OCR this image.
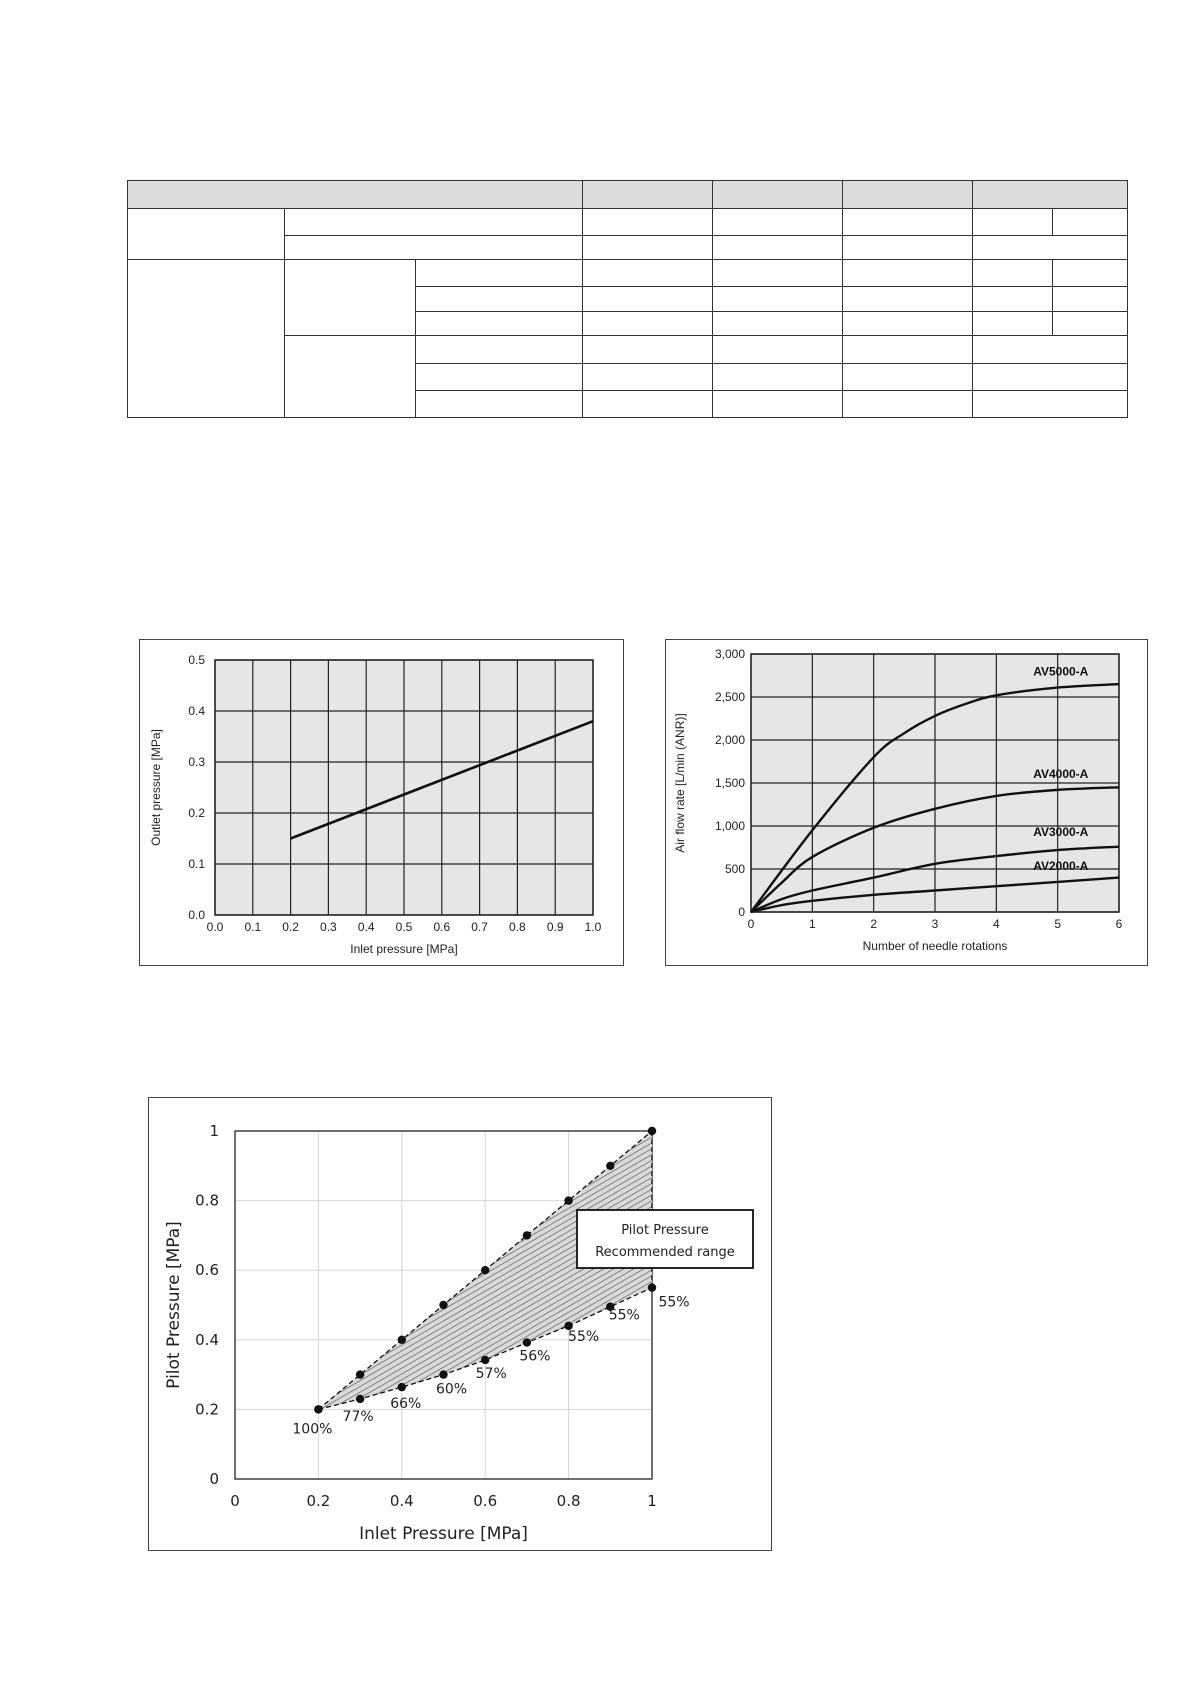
0.0 0.1 0.2 0.3 0.4 0.5 0.6 0.7 0.8 0.9 1.0
0.0
0.1
0.2
0.3
0.4
0.5
Inlet pressure [MPa]
Outlet pressure [MPa]
0	1	2	3	4	5	6
0
500
1,000
1,500
2,000
2,500
3,000
AV5000-A
AV4000-A
AV3000-A
AV2000-A
Number of needle rotations
Air flow rate [L/min (ANR)]
0	0.2	0.4	0.6	0.8	1
0
0.2
0.4
0.6
0.8
1
100%
77%
66%
60%
57%
56%
55%
55%
55%
Pilot Pressure
Recommended range
Inlet Pressure [MPa]
Pilot Pressure [MPa]
